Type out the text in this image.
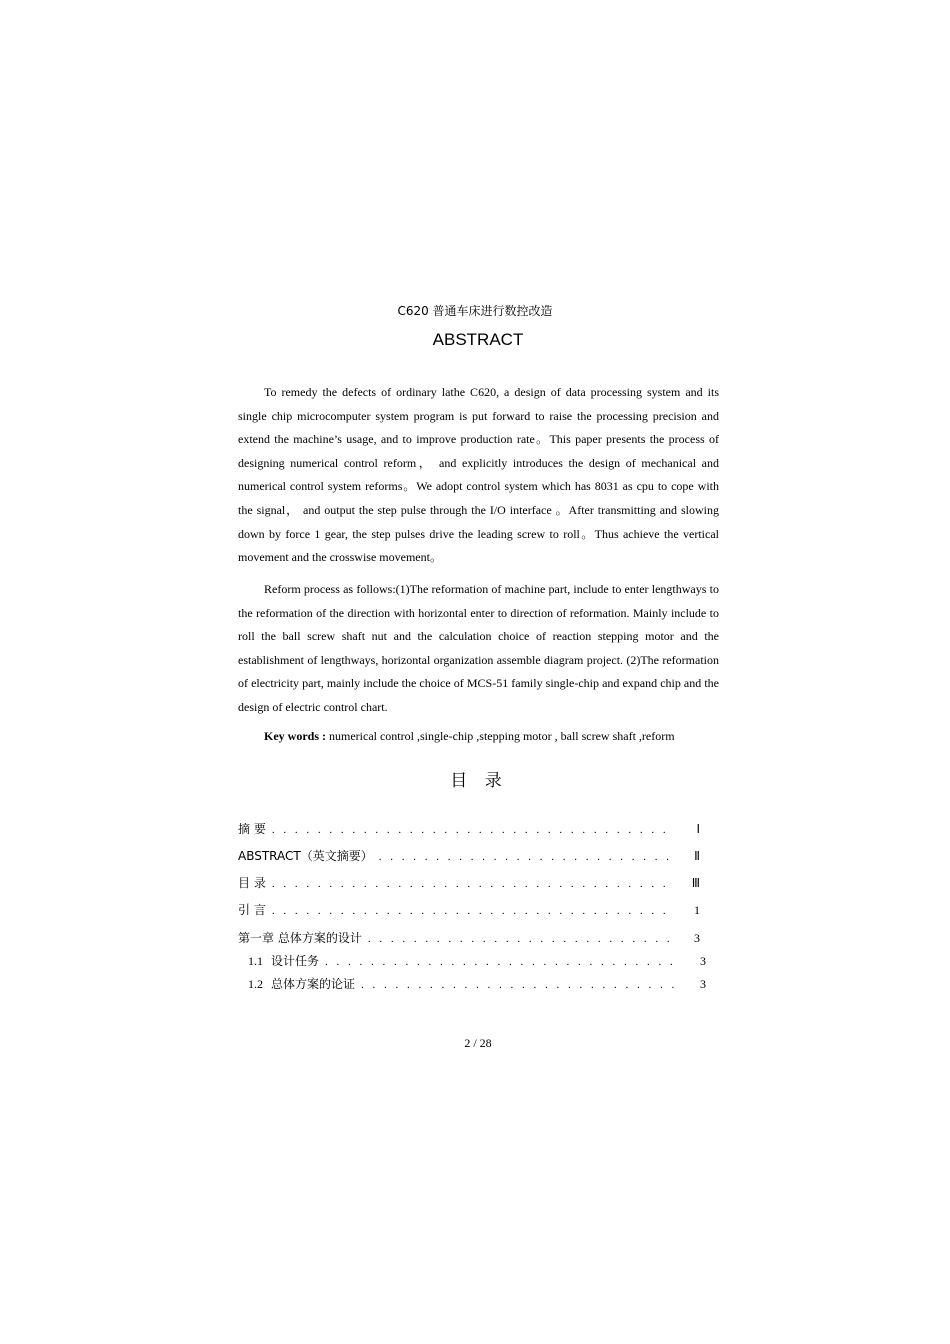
C620 普通车床进行数控改造
ABSTRACT
To remedy the defects of ordinary lathe C620, a design of data processing system and its single chip microcomputer system program is put forward to raise the processing precision and extend the machine’s usage, and to improve production rate。This paper presents the process of designing numerical control reform， and explicitly introduces the design of mechanical and numerical control system reforms。We adopt control system which has 8031 as cpu to cope with the signal， and output the step pulse through the I/O interface 。After transmitting and slowing down by force 1 gear, the step pulses drive the leading screw to roll。Thus achieve the vertical movement and the crosswise movement。
Reform process as follows:(1)The reformation of machine part, include to enter lengthways to the reformation of the direction with horizontal enter to direction of reformation. Mainly include to roll the ball screw shaft nut and the calculation choice of reaction stepping motor and the establishment of lengthways, horizontal organization assemble diagram project. (2)The reformation of electricity part, mainly include the choice of MCS-51 family single-chip and expand chip and the design of electric control chart.
Key words : numerical control ,single-chip ,stepping motor , ball screw shaft ,reform
目 录
摘 要 . . .	Ⅰ
ABSTRACT（英文摘要） . . .	Ⅱ
目 录 . . .	Ⅲ
引 言 . . .	1
第一章 总体方案的设计 . . .	3
1.1 设计任务 . . .	3
1.2 总体方案的论证 . . .	3
2 / 28
